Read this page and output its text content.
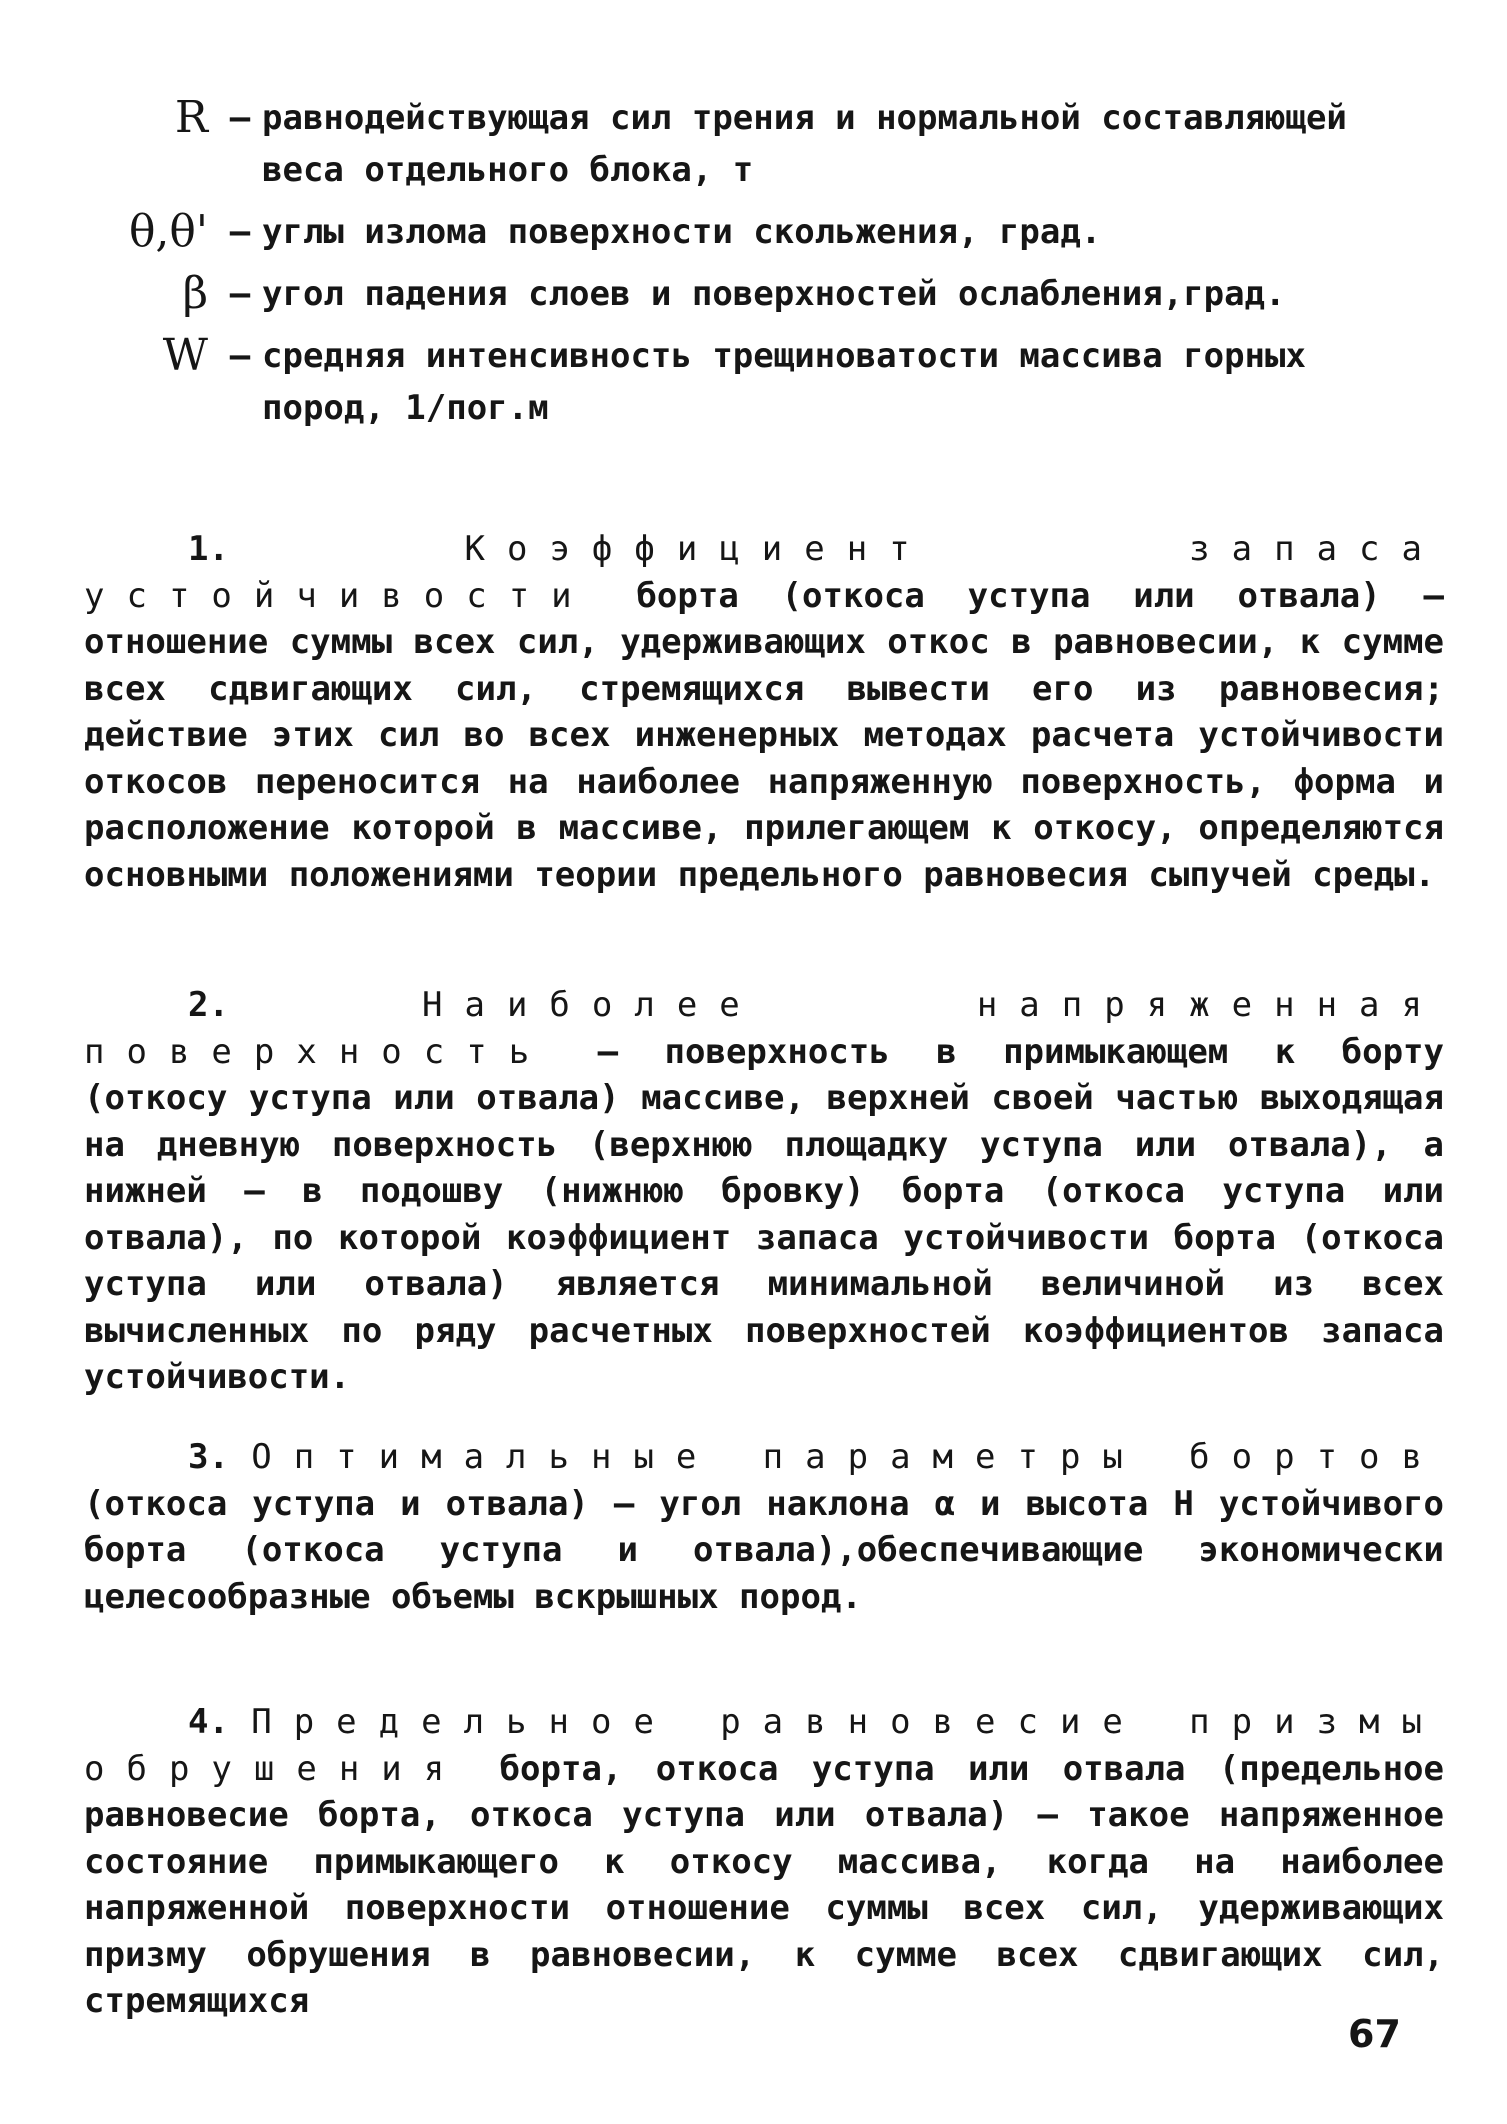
R – равнодействующая сил трения и нормальной составляющей веса отдельного блока, т
θ,θ' – углы излома поверхности скольжения, град.
β – угол падения слоев и поверхностей ослабления,град.
W – средняя интенсивность трещиноватости массива горных пород, 1/пог.м

1.	Коэффициент запаса устойчивости борта (откоса уступа или отвала) – отношение суммы всех сил, удерживающих откос в равновесии, к сумме всех сдвигающих сил, стремящихся вывести его из равновесия; действие этих сил во всех инженерных методах расчета устойчивости откосов переносится на наиболее напряженную поверхность, форма и расположение которой в массиве, прилегающем к откосу, определяются основными положениями теории предельного равновесия сыпучей среды.

2.	Наиболее напряженная поверхность – поверхность в примыкающем к борту (откосу уступа или отвала) массиве, верхней своей частью выходящая на дневную поверхность (верхнюю площадку уступа или отвала), а нижней – в подошву (нижнюю бровку) борта (откоса уступа или отвала), по которой коэффициент запаса устойчивости борта (откоса уступа или отвала) является минимальной величиной из всех вычисленных по ряду расчетных поверхностей коэффициентов запаса устойчивости.

3. Оптимальные параметры бортов (откоса уступа и отвала) – угол наклона α и высота H устойчивого борта (откоса уступа и отвала),обеспечивающие экономически целесообразные объемы вскрышных пород.

4. Предельное равновесие призмы обрушения борта, откоса уступа или отвала (предельное равновесие борта, откоса уступа или отвала) – такое напряженное состояние примыкающего к откосу массива, когда на наиболее напряженной поверхности отношение суммы всех сил, удерживающих призму обрушения в равновесии, к сумме всех сдвигающих сил, стремящихся

67
